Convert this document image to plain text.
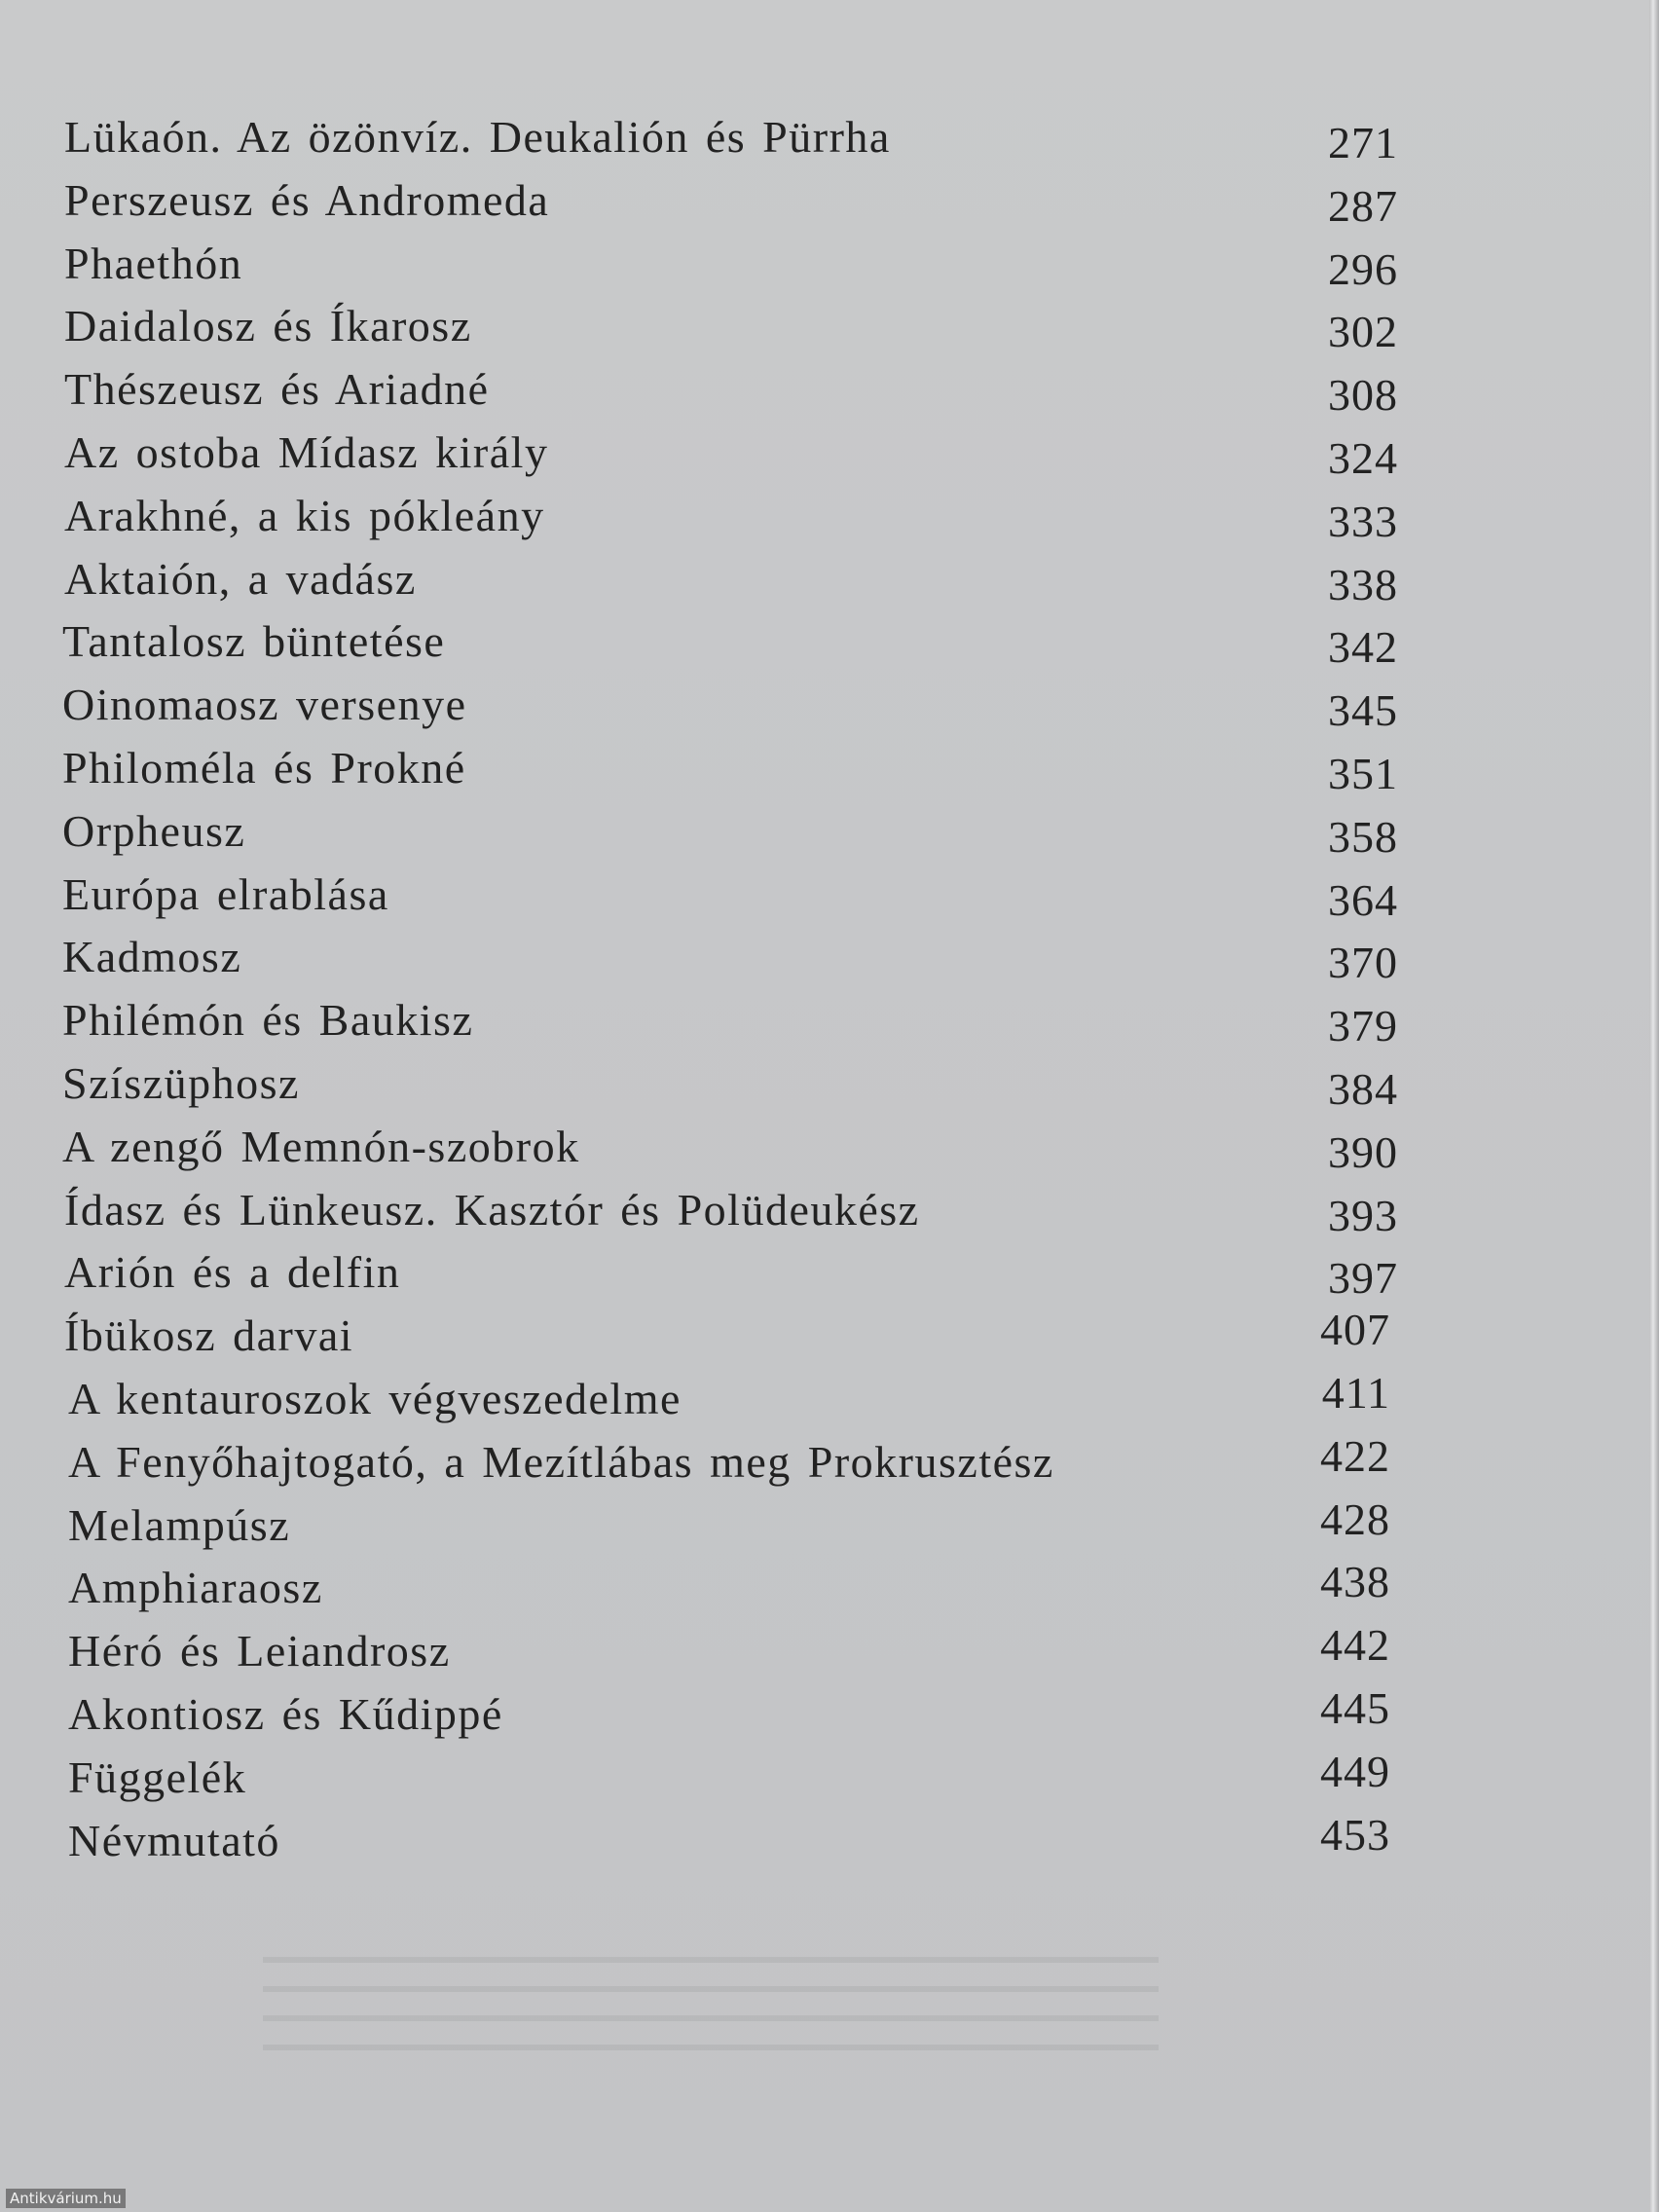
Lükaón. Az özönvíz. Deukalión és Pürrha	271
Perszeusz és Andromeda	287
Phaethón	296
Daidalosz és Íkarosz	302
Thészeusz és Ariadné	308
Az ostoba Mídasz király	324
Arakhné, a kis pókleány	333
Aktaión, a vadász	338
Tantalosz büntetése	342
Oinomaosz versenye	345
Philoméla és Prokné	351
Orpheusz	358
Európa elrablása	364
Kadmosz	370
Philémón és Baukisz	379
Szíszüphosz	384
A zengő Memnón-szobrok	390
Ídasz és Lünkeusz. Kasztór és Polüdeukész	393
Arión és a delfin	397
Íbükosz darvai	407
A kentauroszok végveszedelme	411
A Fenyőhajtogató, a Mezítlábas meg Prokrusztész	422
Melampúsz	428
Amphiaraosz	438
Héró és Leiandrosz	442
Akontiosz és Kűdippé	445
Függelék	449
Névmutató	453
Antikvárium.hu
